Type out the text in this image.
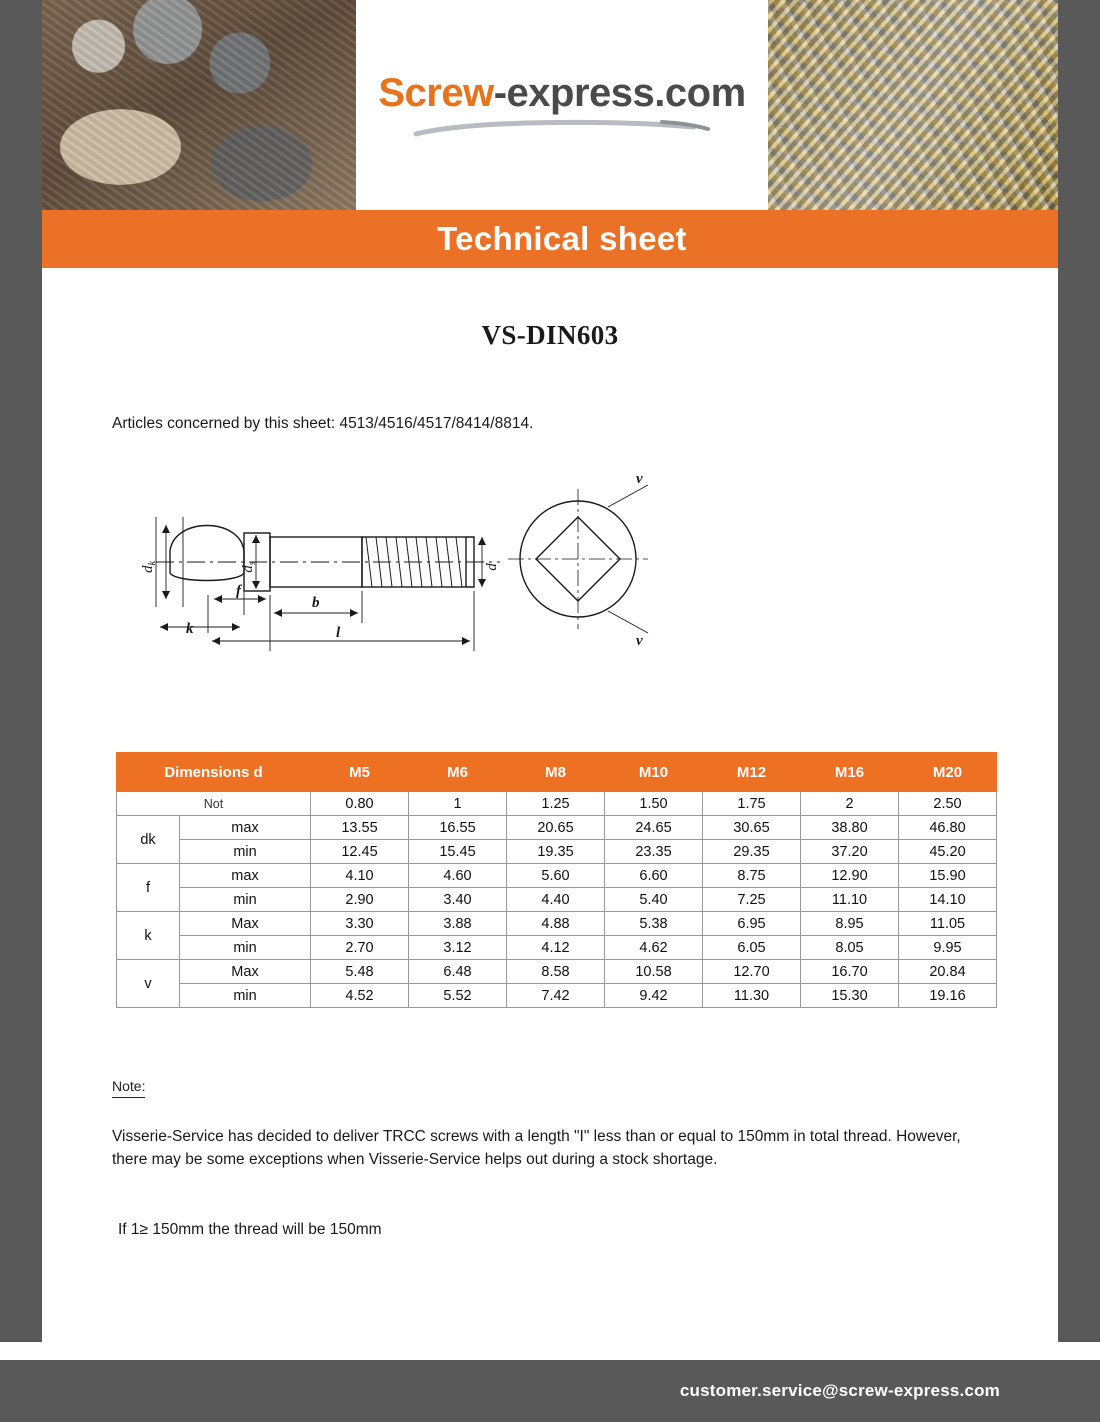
Screw-express.com
Technical sheet
VS-DIN603
Articles concerned by this sheet: 4513/4516/4517/8414/8814.
$d_k$
$d_s$	d
f
k
b
l
v
v
Dimensions d		M5	M6	M8	M10	M12	M16	M20
Not		0.80	1	1.25	1.50	1.75	2	2.50
dk	max	13.55	16.55	20.65	24.65	30.65	38.80	46.80
	min	12.45	15.45	19.35	23.35	29.35	37.20	45.20
f	max	4.10	4.60	5.60	6.60	8.75	12.90	15.90
	min	2.90	3.40	4.40	5.40	7.25	11.10	14.10
k	Max	3.30	3.88	4.88	5.38	6.95	8.95	11.05
	min	2.70	3.12	4.12	4.62	6.05	8.05	9.95
v	Max	5.48	6.48	8.58	10.58	12.70	16.70	20.84
	min	4.52	5.52	7.42	9.42	11.30	15.30	19.16
Note:
Visserie-Service has decided to deliver TRCC screws with a length "I" less than or equal to 150mm in total thread. However, there may be some exceptions when Visserie-Service helps out during a stock shortage.
If 1≥ 150mm the thread will be 150mm
customer.service@screw-express.com
